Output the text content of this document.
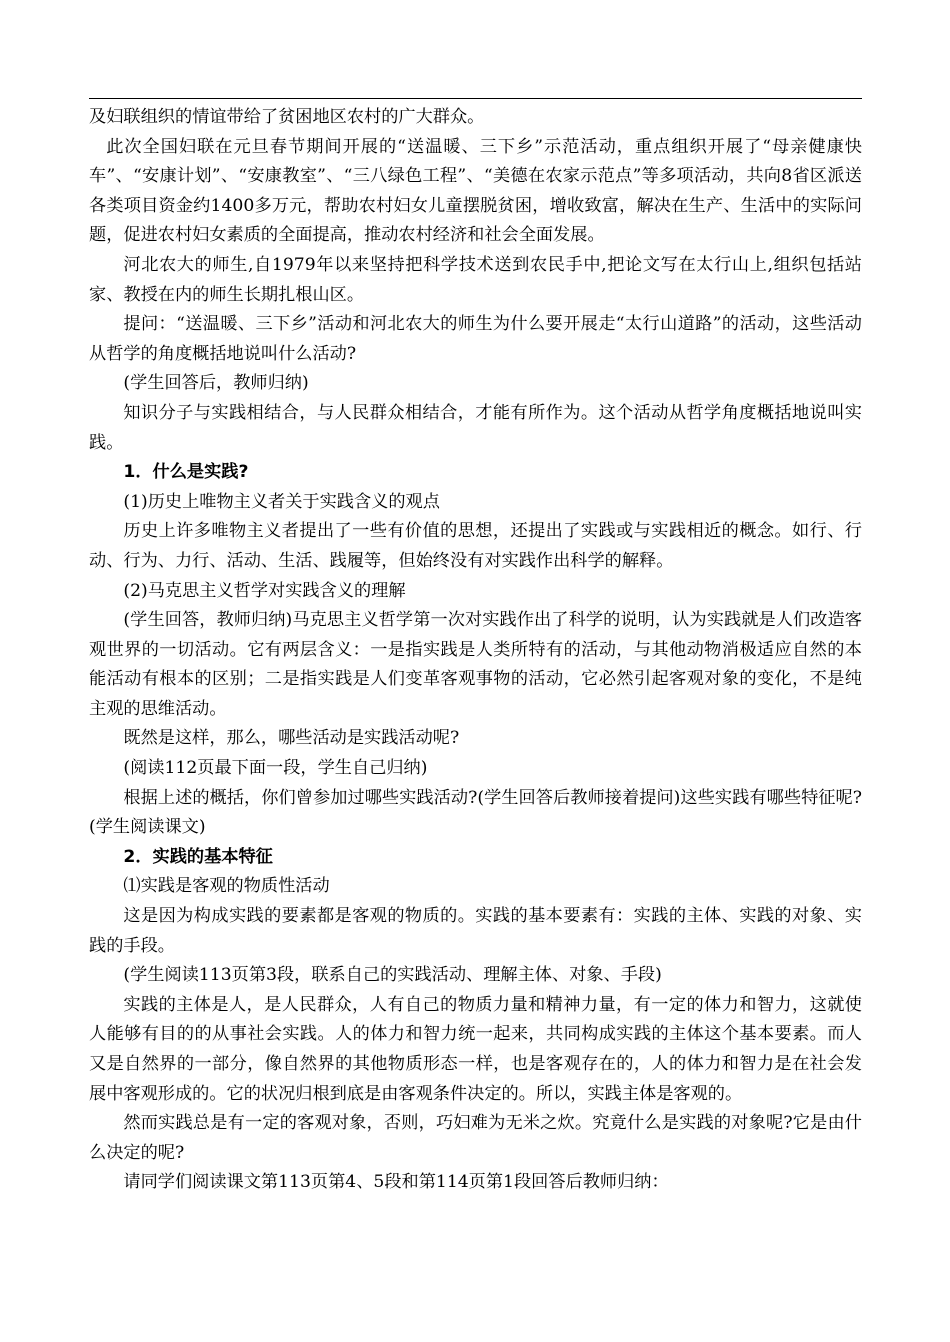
及妇联组织的情谊带给了贫困地区农村的广大群众。

此次全国妇联在元旦春节期间开展的“送温暖、三下乡”示范活动，重点组织开展了“母亲健康快车”、“安康计划”、“安康教室”、“三八绿色工程”、“美德在农家示范点”等多项活动，共向8省区派送各类项目资金约1400多万元，帮助农村妇女儿童摆脱贫困，增收致富，解决在生产、生活中的实际问题，促进农村妇女素质的全面提高，推动农村经济和社会全面发展。

河北农大的师生,自1979年以来坚持把科学技术送到农民手中,把论文写在太行山上,组织包括站家、教授在内的师生长期扎根山区。

提问：“送温暖、三下乡”活动和河北农大的师生为什么要开展走“太行山道路”的活动，这些活动从哲学的角度概括地说叫什么活动?

(学生回答后，教师归纳)

知识分子与实践相结合，与人民群众相结合，才能有所作为。这个活动从哲学角度概括地说叫实践。

1．什么是实践?

(1)历史上唯物主义者关于实践含义的观点

历史上许多唯物主义者提出了一些有价值的思想，还提出了实践或与实践相近的概念。如行、行动、行为、力行、活动、生活、践履等，但始终没有对实践作出科学的解释。

(2)马克思主义哲学对实践含义的理解

(学生回答，教师归纳)马克思主义哲学第一次对实践作出了科学的说明，认为实践就是人们改造客观世界的一切活动。它有两层含义：一是指实践是人类所特有的活动，与其他动物消极适应自然的本能活动有根本的区别；二是指实践是人们变革客观事物的活动，它必然引起客观对象的变化，不是纯主观的思维活动。

既然是这样，那么，哪些活动是实践活动呢?

(阅读112页最下面一段，学生自己归纳)

根据上述的概括，你们曾参加过哪些实践活动?(学生回答后教师接着提问)这些实践有哪些特征呢?(学生阅读课文)

2．实践的基本特征

⑴实践是客观的物质性活动

这是因为构成实践的要素都是客观的物质的。实践的基本要素有：实践的主体、实践的对象、实践的手段。

(学生阅读113页第3段，联系自己的实践活动、理解主体、对象、手段)

实践的主体是人，是人民群众，人有自己的物质力量和精神力量，有一定的体力和智力，这就使人能够有目的的从事社会实践。人的体力和智力统一起来，共同构成实践的主体这个基本要素。而人又是自然界的一部分，像自然界的其他物质形态一样，也是客观存在的，人的体力和智力是在社会发展中客观形成的。它的状况归根到底是由客观条件决定的。所以，实践主体是客观的。

然而实践总是有一定的客观对象，否则，巧妇难为无米之炊。究竟什么是实践的对象呢?它是由什么决定的呢?

请同学们阅读课文第113页第4、5段和第114页第1段回答后教师归纳：
